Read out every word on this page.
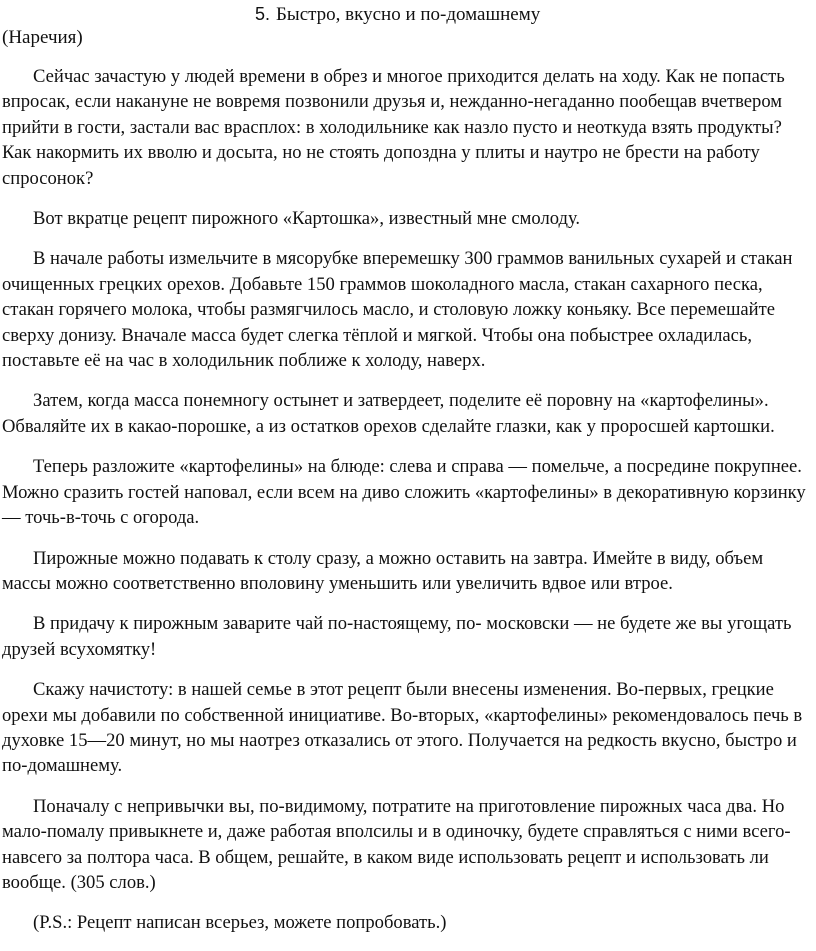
5. Быстро, вкусно и по-домашнему
(Наречия)

Сейчас зачастую у людей времени в обрез и многое приходится делать на ходу. Как не попасть впросак, если накануне не вовремя позвонили друзья и, нежданно-негаданно пообещав вчетвером прийти в гости, застали вас врасплох: в холодильнике как назло пусто и неоткуда взять продукты? Как накормить их вволю и досыта, но не стоять допоздна у плиты и наутро не брести на работу спросонок?

Вот вкратце рецепт пирожного «Картошка», известный мне смолоду.

В начале работы измельчите в мясорубке вперемешку 300 граммов ванильных сухарей и стакан очищенных грецких орехов. Добавьте 150 граммов шоколадного масла, стакан сахарного песка, стакан горячего молока, чтобы размягчилось масло, и столовую ложку коньяку. Все перемешайте сверху донизу. Вначале масса будет слегка тёплой и мягкой. Чтобы она побыстрее охладилась, поставьте её на час в холодильник поближе к холоду, наверх.

Затем, когда масса понемногу остынет и затвердеет, поделите её поровну на «картофелины». Обваляйте их в какао-порошке, а из остатков орехов сделайте глазки, как у проросшей картошки.

Теперь разложите «картофелины» на блюде: слева и справа — помельче, а посредине покрупнее. Можно сразить гостей наповал, если всем на диво сложить «картофелины» в декоративную корзинку — точь-в-точь с огорода.

Пирожные можно подавать к столу сразу, а можно оставить на завтра. Имейте в виду, объем массы можно соответственно вполовину уменьшить или увеличить вдвое или втрое.

В придачу к пирожным заварите чай по-настоящему, по- московски — не будете же вы угощать друзей всухомятку!

Скажу начистоту: в нашей семье в этот рецепт были внесены изменения. Во-первых, грецкие орехи мы добавили по собственной инициативе. Во-вторых, «картофелины» рекомендовалось печь в духовке 15—20 минут, но мы наотрез отказались от этого. Получается на редкость вкусно, быстро и по-домашнему.

Поначалу с непривычки вы, по-видимому, потратите на приготовление пирожных часа два. Но мало-помалу привыкнете и, даже работая вполсилы и в одиночку, будете справляться с ними всего-навсего за полтора часа. В общем, решайте, в каком виде использовать рецепт и использовать ли вообще. (305 слов.)

(P.S.: Рецепт написан всерьез, можете попробовать.)
